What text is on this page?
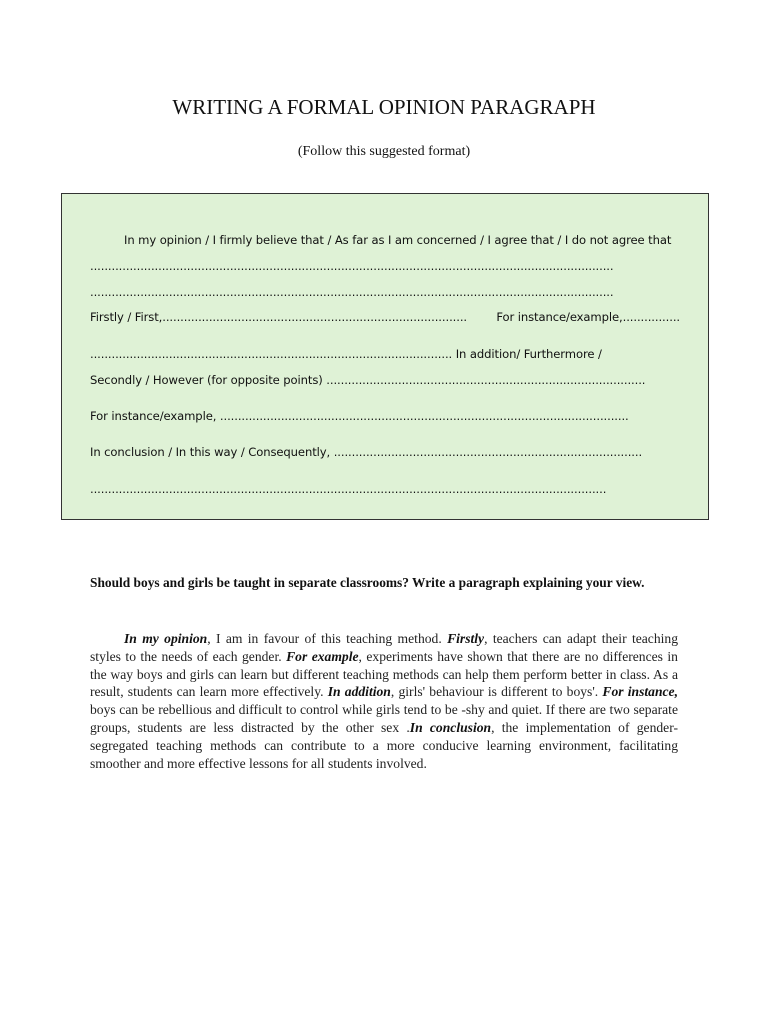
WRITING A FORMAL OPINION PARAGRAPH
(Follow this suggested format)
In my opinion / I firmly believe that / As far as I am concerned / I agree that / I do not agree that
..................................................................................................................................................
..................................................................................................................................................
Firstly / First,.....................................................................................	For instance/example,................
..................................................................................................... In addition/ Furthermore /
Secondly / However (for opposite points) .........................................................................................
For instance/example, ..................................................................................................................
In conclusion / In this way / Consequently, ......................................................................................
................................................................................................................................................
Should boys and girls be taught in separate classrooms? Write a paragraph explaining your view.

In my opinion, I am in favour of this teaching method. Firstly, teachers can adapt their teaching styles to the needs of each gender. For example, experiments have shown that there are no differences in the way boys and girls can learn but different teaching methods can help them perform better in class. As a result, students can learn more effectively. In addition, girls' behaviour is different to boys'. For instance, boys can be rebellious and difficult to control while girls tend to be -shy and quiet. If there are two separate groups, students are less distracted by the other sex .In conclusion, the implementation of gender-segregated teaching methods can contribute to a more conducive learning environment, facilitating smoother and more effective lessons for all students involved.
